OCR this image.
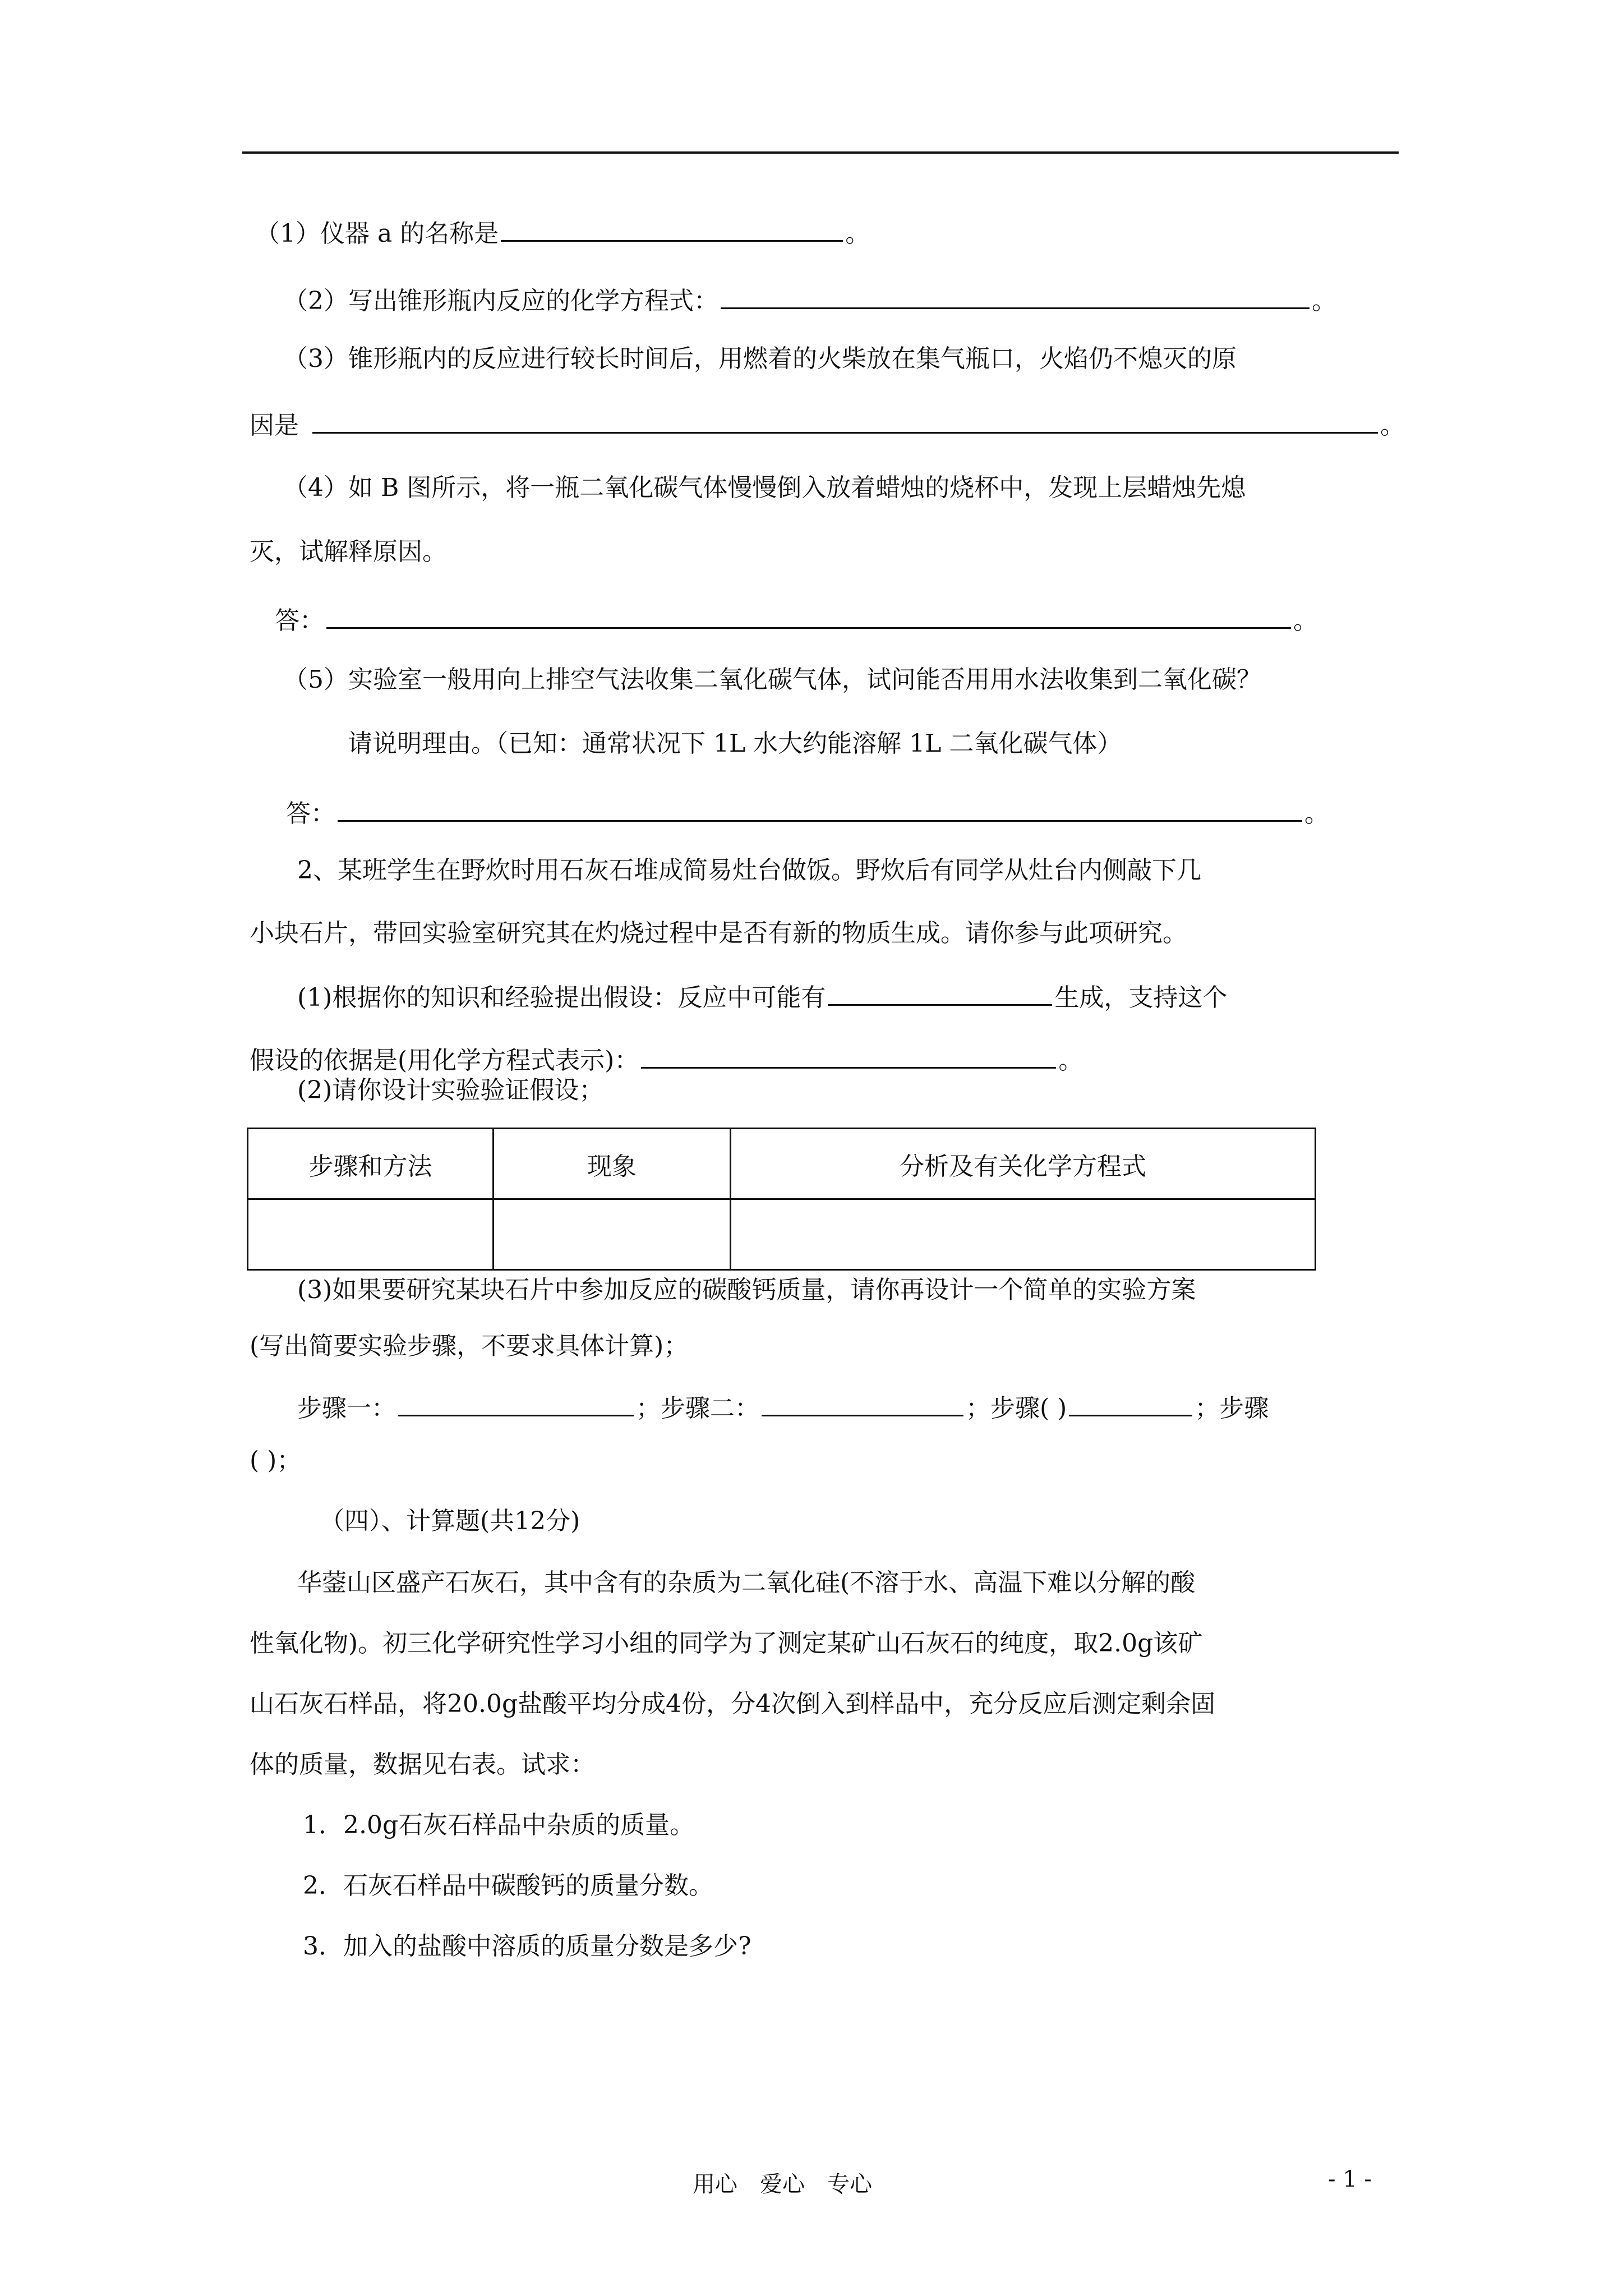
（1）仪器 a 的名称是	。
（2）写出锥形瓶内反应的化学方程式：	。
（3）锥形瓶内的反应进行较长时间后，用燃着的火柴放在集气瓶口，火焰仍不熄灭的原
因是	。
（4）如 B 图所示，将一瓶二氧化碳气体慢慢倒入放着蜡烛的烧杯中，发现上层蜡烛先熄
灭，试解释原因。
答：	。
（5）实验室一般用向上排空气法收集二氧化碳气体，试问能否用用水法收集到二氧化碳？
请说明理由。（已知：通常状况下 1L 水大约能溶解 1L 二氧化碳气体）
答：	。
2、某班学生在野炊时用石灰石堆成简易灶台做饭。野炊后有同学从灶台内侧敲下几
小块石片，带回实验室研究其在灼烧过程中是否有新的物质生成。请你参与此项研究。
(1)根据你的知识和经验提出假设：反应中可能有	生成，支持这个
假设的依据是(用化学方程式表示)：	。
(2)请你设计实验验证假设；
步骤和方法	现象	分析及有关化学方程式

(3)如果要研究某块石片中参加反应的碳酸钙质量，请你再设计一个简单的实验方案
(写出简要实验步骤，不要求具体计算)；
步骤一：	；步骤二：	；步骤( )	；步骤
( )；
（四）、计算题(共12分)
华蓥山区盛产石灰石，其中含有的杂质为二氧化硅(不溶于水、高温下难以分解的酸
性氧化物)。初三化学研究性学习小组的同学为了测定某矿山石灰石的纯度，取2.0g该矿
山石灰石样品，将20.0g盐酸平均分成4份，分4次倒入到样品中，充分反应后测定剩余固
体的质量，数据见右表。试求：
1．2.0g石灰石样品中杂质的质量。
2．石灰石样品中碳酸钙的质量分数。
3．加入的盐酸中溶质的质量分数是多少?
用心　爱心　专心	- 1 -
